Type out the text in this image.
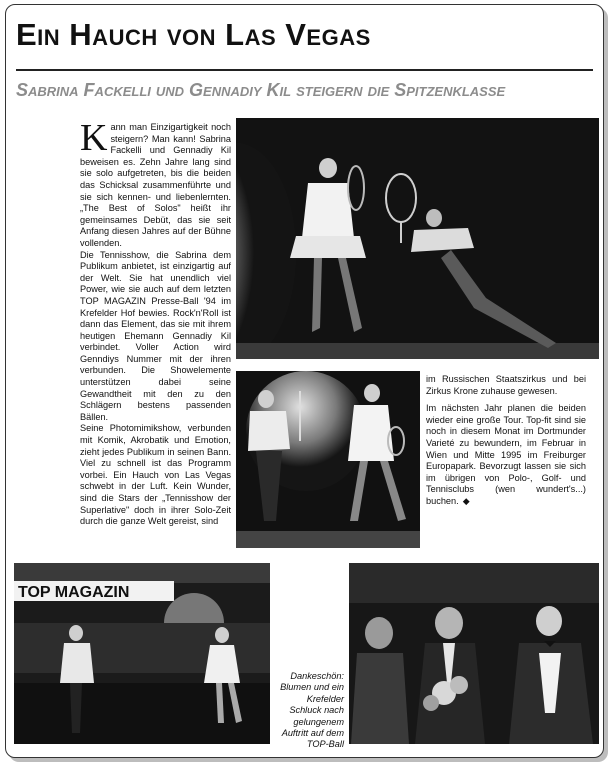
Ein Hauch von Las Vegas
Sabrina Fackelli und Gennadiy Kil steigern die Spitzenklasse

Kann man Einzigartigkeit noch steigern? Man kann! Sabrina Fackelli und Gennadiy Kil beweisen es. Zehn Jahre lang sind sie solo aufgetreten, bis die beiden das Schicksal zusammenführte und sie sich kennen- und liebenlernten. „The Best of Solos" heißt ihr gemeinsames Debüt, das sie seit Anfang diesen Jahres auf der Bühne vollenden.

Die Tennisshow, die Sabrina dem Publikum anbietet, ist einzigartig auf der Welt. Sie hat unendlich viel Power, wie sie auch auf dem letzten TOP MAGAZIN Presse-Ball '94 im Krefelder Hof bewies. Rock'n'Roll ist dann das Element, das sie mit ihrem heutigen Ehemann Gennadiy Kil verbindet. Voller Action wird Genndiys Nummer mit der ihren verbunden. Die Showelemente unterstützen dabei seine Gewandtheit mit den zu den Schlägern bestens passenden Bällen.

Seine Photomimikshow, verbunden mit Komik, Akrobatik und Emotion, zieht jedes Publikum in seinen Bann. Viel zu schnell ist das Programm vorbei. Ein Hauch von Las Vegas schwebt in der Luft. Kein Wunder, sind die Stars der „Tennisshow der Superlative" doch in ihrer Solo-Zeit durch die ganze Welt gereist, sind

im Russischen Staatszirkus und bei Zirkus Krone zuhause gewesen.

Im nächsten Jahr planen die beiden wieder eine große Tour. Top-fit sind sie noch in diesem Monat im Dortmunder Varieté zu bewundern, im Februar in Wien und Mitte 1995 im Freiburger Europapark. Bevorzugt lassen sie sich im übrigen von Polo-, Golf- und Tennisclubs (wen wundert's...) buchen. ◆

TOP MAGAZIN
Dankeschön: Blumen und ein Krefelder Schluck nach gelungenem Auftritt auf dem TOP-Ball
